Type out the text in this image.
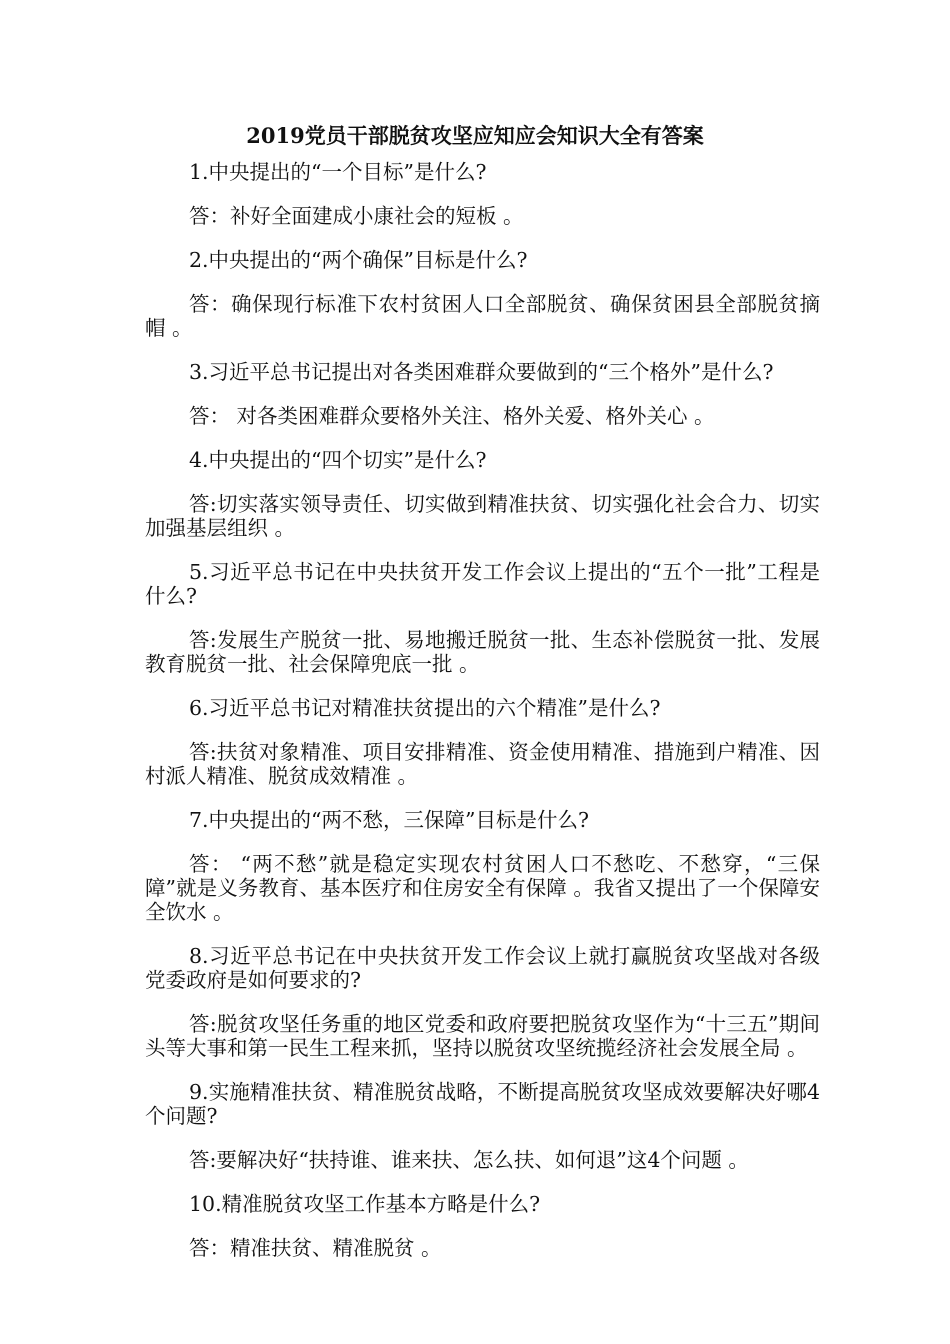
2019党员干部脱贫攻坚应知应会知识大全有答案

1.中央提出的“一个目标”是什么?

答：补好全面建成小康社会的短板 。

2.中央提出的“两个确保”目标是什么?

答：确保现行标准下农村贫困人口全部脱贫、确保贫困县全部脱贫摘帽 。

3.习近平总书记提出对各类困难群众要做到的“三个格外”是什么?

答： 对各类困难群众要格外关注、格外关爱、格外关心 。

4.中央提出的“四个切实”是什么?

答:切实落实领导责任、切实做到精准扶贫、切实强化社会合力、切实加强基层组织 。

5.习近平总书记在中央扶贫开发工作会议上提出的“五个一批”工程是什么?

答:发展生产脱贫一批、易地搬迁脱贫一批、生态补偿脱贫一批、发展教育脱贫一批、社会保障兜底一批 。

6.习近平总书记对精准扶贫提出的六个精准”是什么?

答:扶贫对象精准、项目安排精准、资金使用精准、措施到户精准、因村派人精准、脱贫成效精准 。

7.中央提出的“两不愁，三保障”目标是什么?

答： “两不愁”就是稳定实现农村贫困人口不愁吃、不愁穿，“三保障”就是义务教育、基本医疗和住房安全有保障 。我省又提出了一个保障安全饮水 。

8.习近平总书记在中央扶贫开发工作会议上就打赢脱贫攻坚战对各级党委政府是如何要求的?

答:脱贫攻坚任务重的地区党委和政府要把脱贫攻坚作为“十三五”期间头等大事和第一民生工程来抓，坚持以脱贫攻坚统揽经济社会发展全局 。

9.实施精准扶贫、精准脱贫战略，不断提高脱贫攻坚成效要解决好哪4个问题?

答:要解决好“扶持谁、谁来扶、怎么扶、如何退”这4个问题 。

10.精准脱贫攻坚工作基本方略是什么?

答：精准扶贫、精准脱贫 。
